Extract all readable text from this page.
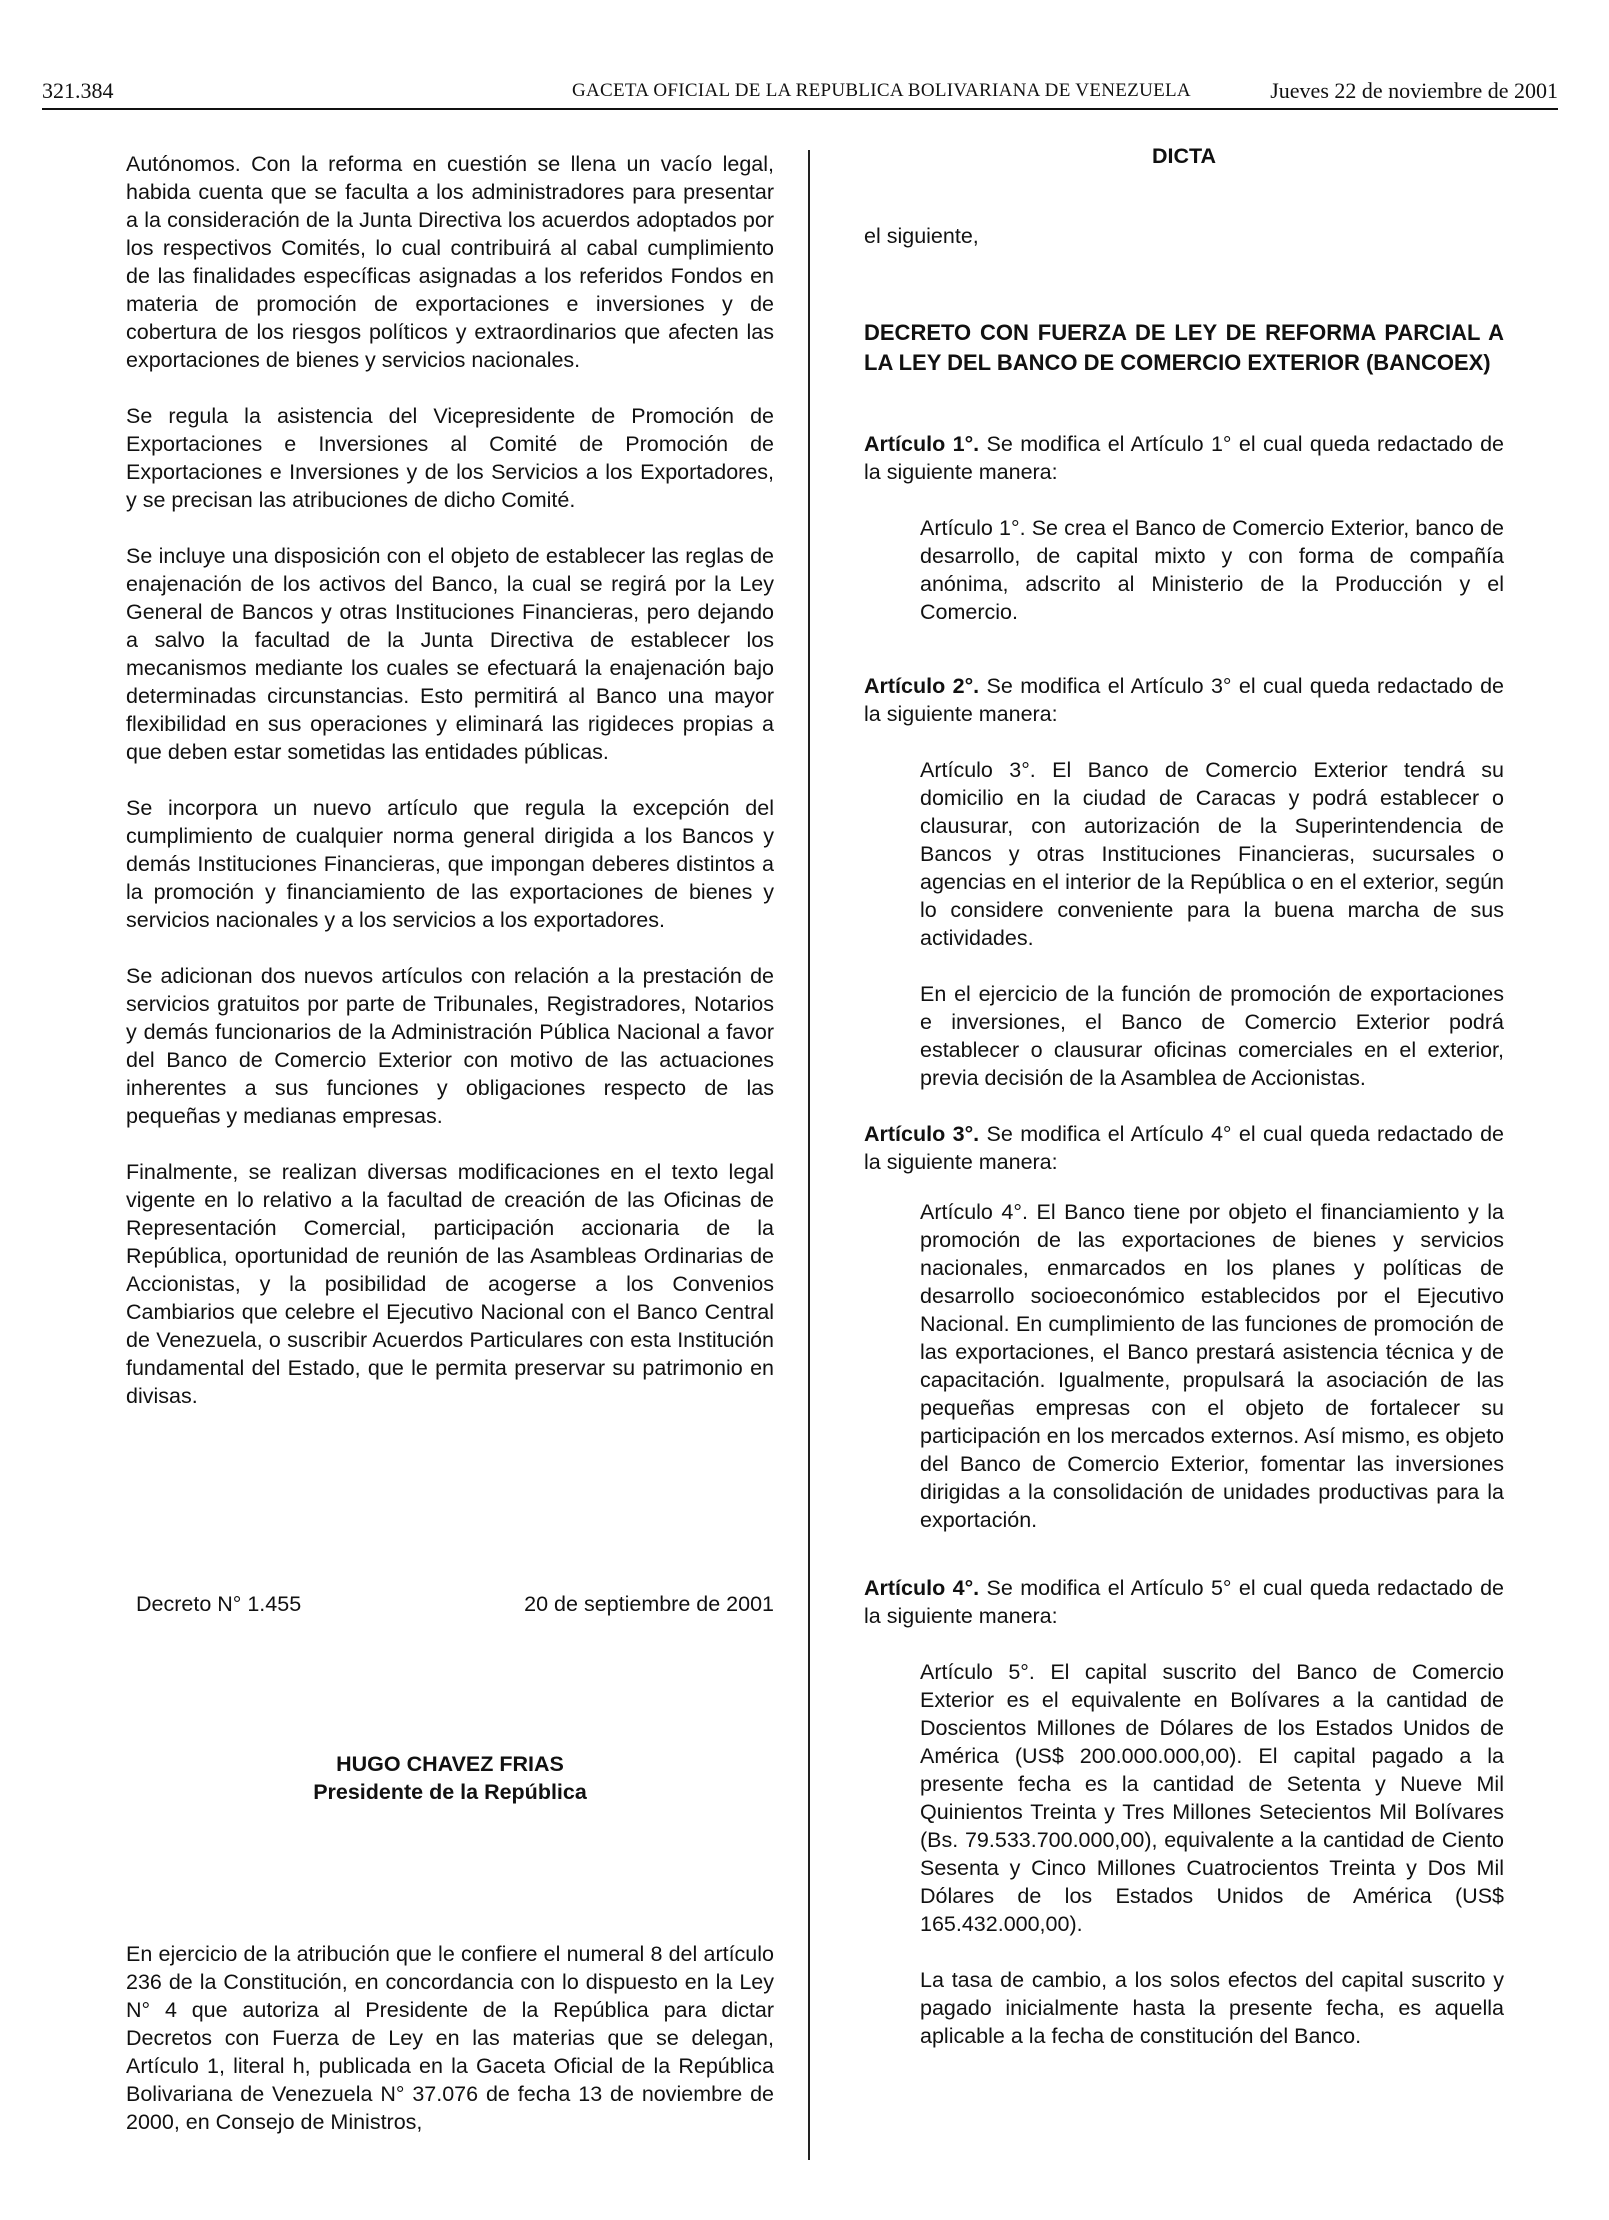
321.384	GACETA OFICIAL DE LA REPUBLICA BOLIVARIANA DE VENEZUELA	Jueves 22 de noviembre de 2001

Autónomos. Con la reforma en cuestión se llena un vacío legal, habida cuenta que se faculta a los administradores para presentar a la consideración de la Junta Directiva los acuerdos adoptados por los respectivos Comités, lo cual contribuirá al cabal cumplimiento de las finalidades específicas asignadas a los referidos Fondos en materia de promoción de exportaciones e inversiones y de cobertura de los riesgos políticos y extraordinarios que afecten las exportaciones de bienes y servicios nacionales.

Se regula la asistencia del Vicepresidente de Promoción de Exportaciones e Inversiones al Comité de Promoción de Exportaciones e Inversiones y de los Servicios a los Exportadores, y se precisan las atribuciones de dicho Comité.

Se incluye una disposición con el objeto de establecer las reglas de enajenación de los activos del Banco, la cual se regirá por la Ley General de Bancos y otras Instituciones Financieras, pero dejando a salvo la facultad de la Junta Directiva de establecer los mecanismos mediante los cuales se efectuará la enajenación bajo determinadas circunstancias. Esto permitirá al Banco una mayor flexibilidad en sus operaciones y eliminará las rigideces propias a que deben estar sometidas las entidades públicas.

Se incorpora un nuevo artículo que regula la excepción del cumplimiento de cualquier norma general dirigida a los Bancos y demás Instituciones Financieras, que impongan deberes distintos a la promoción y financiamiento de las exportaciones de bienes y servicios nacionales y a los servicios a los exportadores.

Se adicionan dos nuevos artículos con relación a la prestación de servicios gratuitos por parte de Tribunales, Registradores, Notarios y demás funcionarios de la Administración Pública Nacional a favor del Banco de Comercio Exterior con motivo de las actuaciones inherentes a sus funciones y obligaciones respecto de las pequeñas y medianas empresas.

Finalmente, se realizan diversas modificaciones en el texto legal vigente en lo relativo a la facultad de creación de las Oficinas de Representación Comercial, participación accionaria de la República, oportunidad de reunión de las Asambleas Ordinarias de Accionistas, y la posibilidad de acogerse a los Convenios Cambiarios que celebre el Ejecutivo Nacional con el Banco Central de Venezuela, o suscribir Acuerdos Particulares con esta Institución fundamental del Estado, que le permita preservar su patrimonio en divisas.

Decreto N° 1.455	20 de septiembre de 2001
HUGO CHAVEZ FRIAS
Presidente de la República

En ejercicio de la atribución que le confiere el numeral 8 del artículo 236 de la Constitución, en concordancia con lo dispuesto en la Ley N° 4 que autoriza al Presidente de la República para dictar Decretos con Fuerza de Ley en las materias que se delegan, Artículo 1, literal h, publicada en la Gaceta Oficial de la República Bolivariana de Venezuela N° 37.076 de fecha 13 de noviembre de 2000, en Consejo de Ministros,

DICTA
el siguiente,
DECRETO CON FUERZA DE LEY DE REFORMA PARCIAL A LA LEY DEL BANCO DE COMERCIO EXTERIOR (BANCOEX)

Artículo 1°. Se modifica el Artículo 1° el cual queda redactado de la siguiente manera:

Artículo 1°. Se crea el Banco de Comercio Exterior, banco de desarrollo, de capital mixto y con forma de compañía anónima, adscrito al Ministerio de la Producción y el Comercio.

Artículo 2°. Se modifica el Artículo 3° el cual queda redactado de la siguiente manera:

Artículo 3°. El Banco de Comercio Exterior tendrá su domicilio en la ciudad de Caracas y podrá establecer o clausurar, con autorización de la Superintendencia de Bancos y otras Instituciones Financieras, sucursales o agencias en el interior de la República o en el exterior, según lo considere conveniente para la buena marcha de sus actividades.

En el ejercicio de la función de promoción de exportaciones e inversiones, el Banco de Comercio Exterior podrá establecer o clausurar oficinas comerciales en el exterior, previa decisión de la Asamblea de Accionistas.

Artículo 3°. Se modifica el Artículo 4° el cual queda redactado de la siguiente manera:

Artículo 4°. El Banco tiene por objeto el financiamiento y la promoción de las exportaciones de bienes y servicios nacionales, enmarcados en los planes y políticas de desarrollo socioeconómico establecidos por el Ejecutivo Nacional. En cumplimiento de las funciones de promoción de las exportaciones, el Banco prestará asistencia técnica y de capacitación. Igualmente, propulsará la asociación de las pequeñas empresas con el objeto de fortalecer su participación en los mercados externos. Así mismo, es objeto del Banco de Comercio Exterior, fomentar las inversiones dirigidas a la consolidación de unidades productivas para la exportación.

Artículo 4°. Se modifica el Artículo 5° el cual queda redactado de la siguiente manera:

Artículo 5°. El capital suscrito del Banco de Comercio Exterior es el equivalente en Bolívares a la cantidad de Doscientos Millones de Dólares de los Estados Unidos de América (US$ 200.000.000,00). El capital pagado a la presente fecha es la cantidad de Setenta y Nueve Mil Quinientos Treinta y Tres Millones Setecientos Mil Bolívares (Bs. 79.533.700.000,00), equivalente a la cantidad de Ciento Sesenta y Cinco Millones Cuatrocientos Treinta y Dos Mil Dólares de los Estados Unidos de América (US$ 165.432.000,00).

La tasa de cambio, a los solos efectos del capital suscrito y pagado inicialmente hasta la presente fecha, es aquella aplicable a la fecha de constitución del Banco.
